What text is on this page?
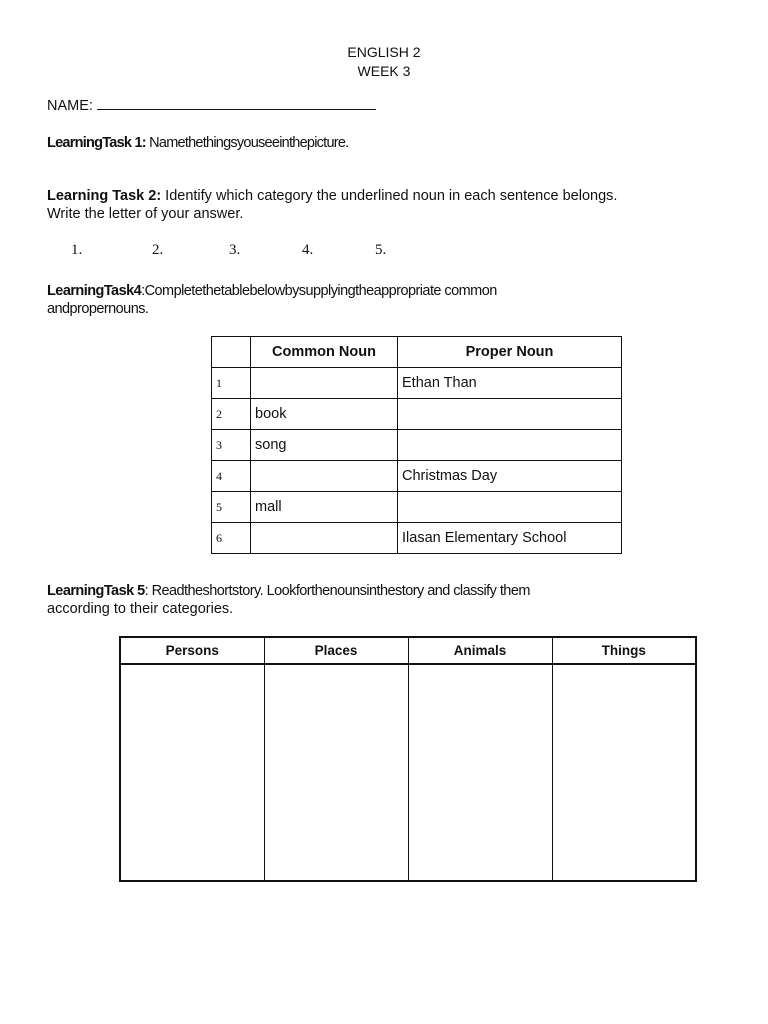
ENGLISH 2
WEEK 3
NAME:
LearningTask 1: Namethethingsyouseeinthepicture.
Learning Task 2: Identify which category the underlined noun in each sentence belongs.
Write the letter of your answer.
1.	2.	3.	4.	5.
LearningTask4:Completethetablebelowbysupplyingtheappropriate common
andpropernouns.
	Common Noun	Proper Noun
1		Ethan Than
2	book	
3	song	
4		Christmas Day
5	mall	
6		Ilasan Elementary School
LearningTask 5: Readtheshortstory. Lookforthenounsinthestory and classify them
according to their categories.
Persons	Places	Animals	Things
